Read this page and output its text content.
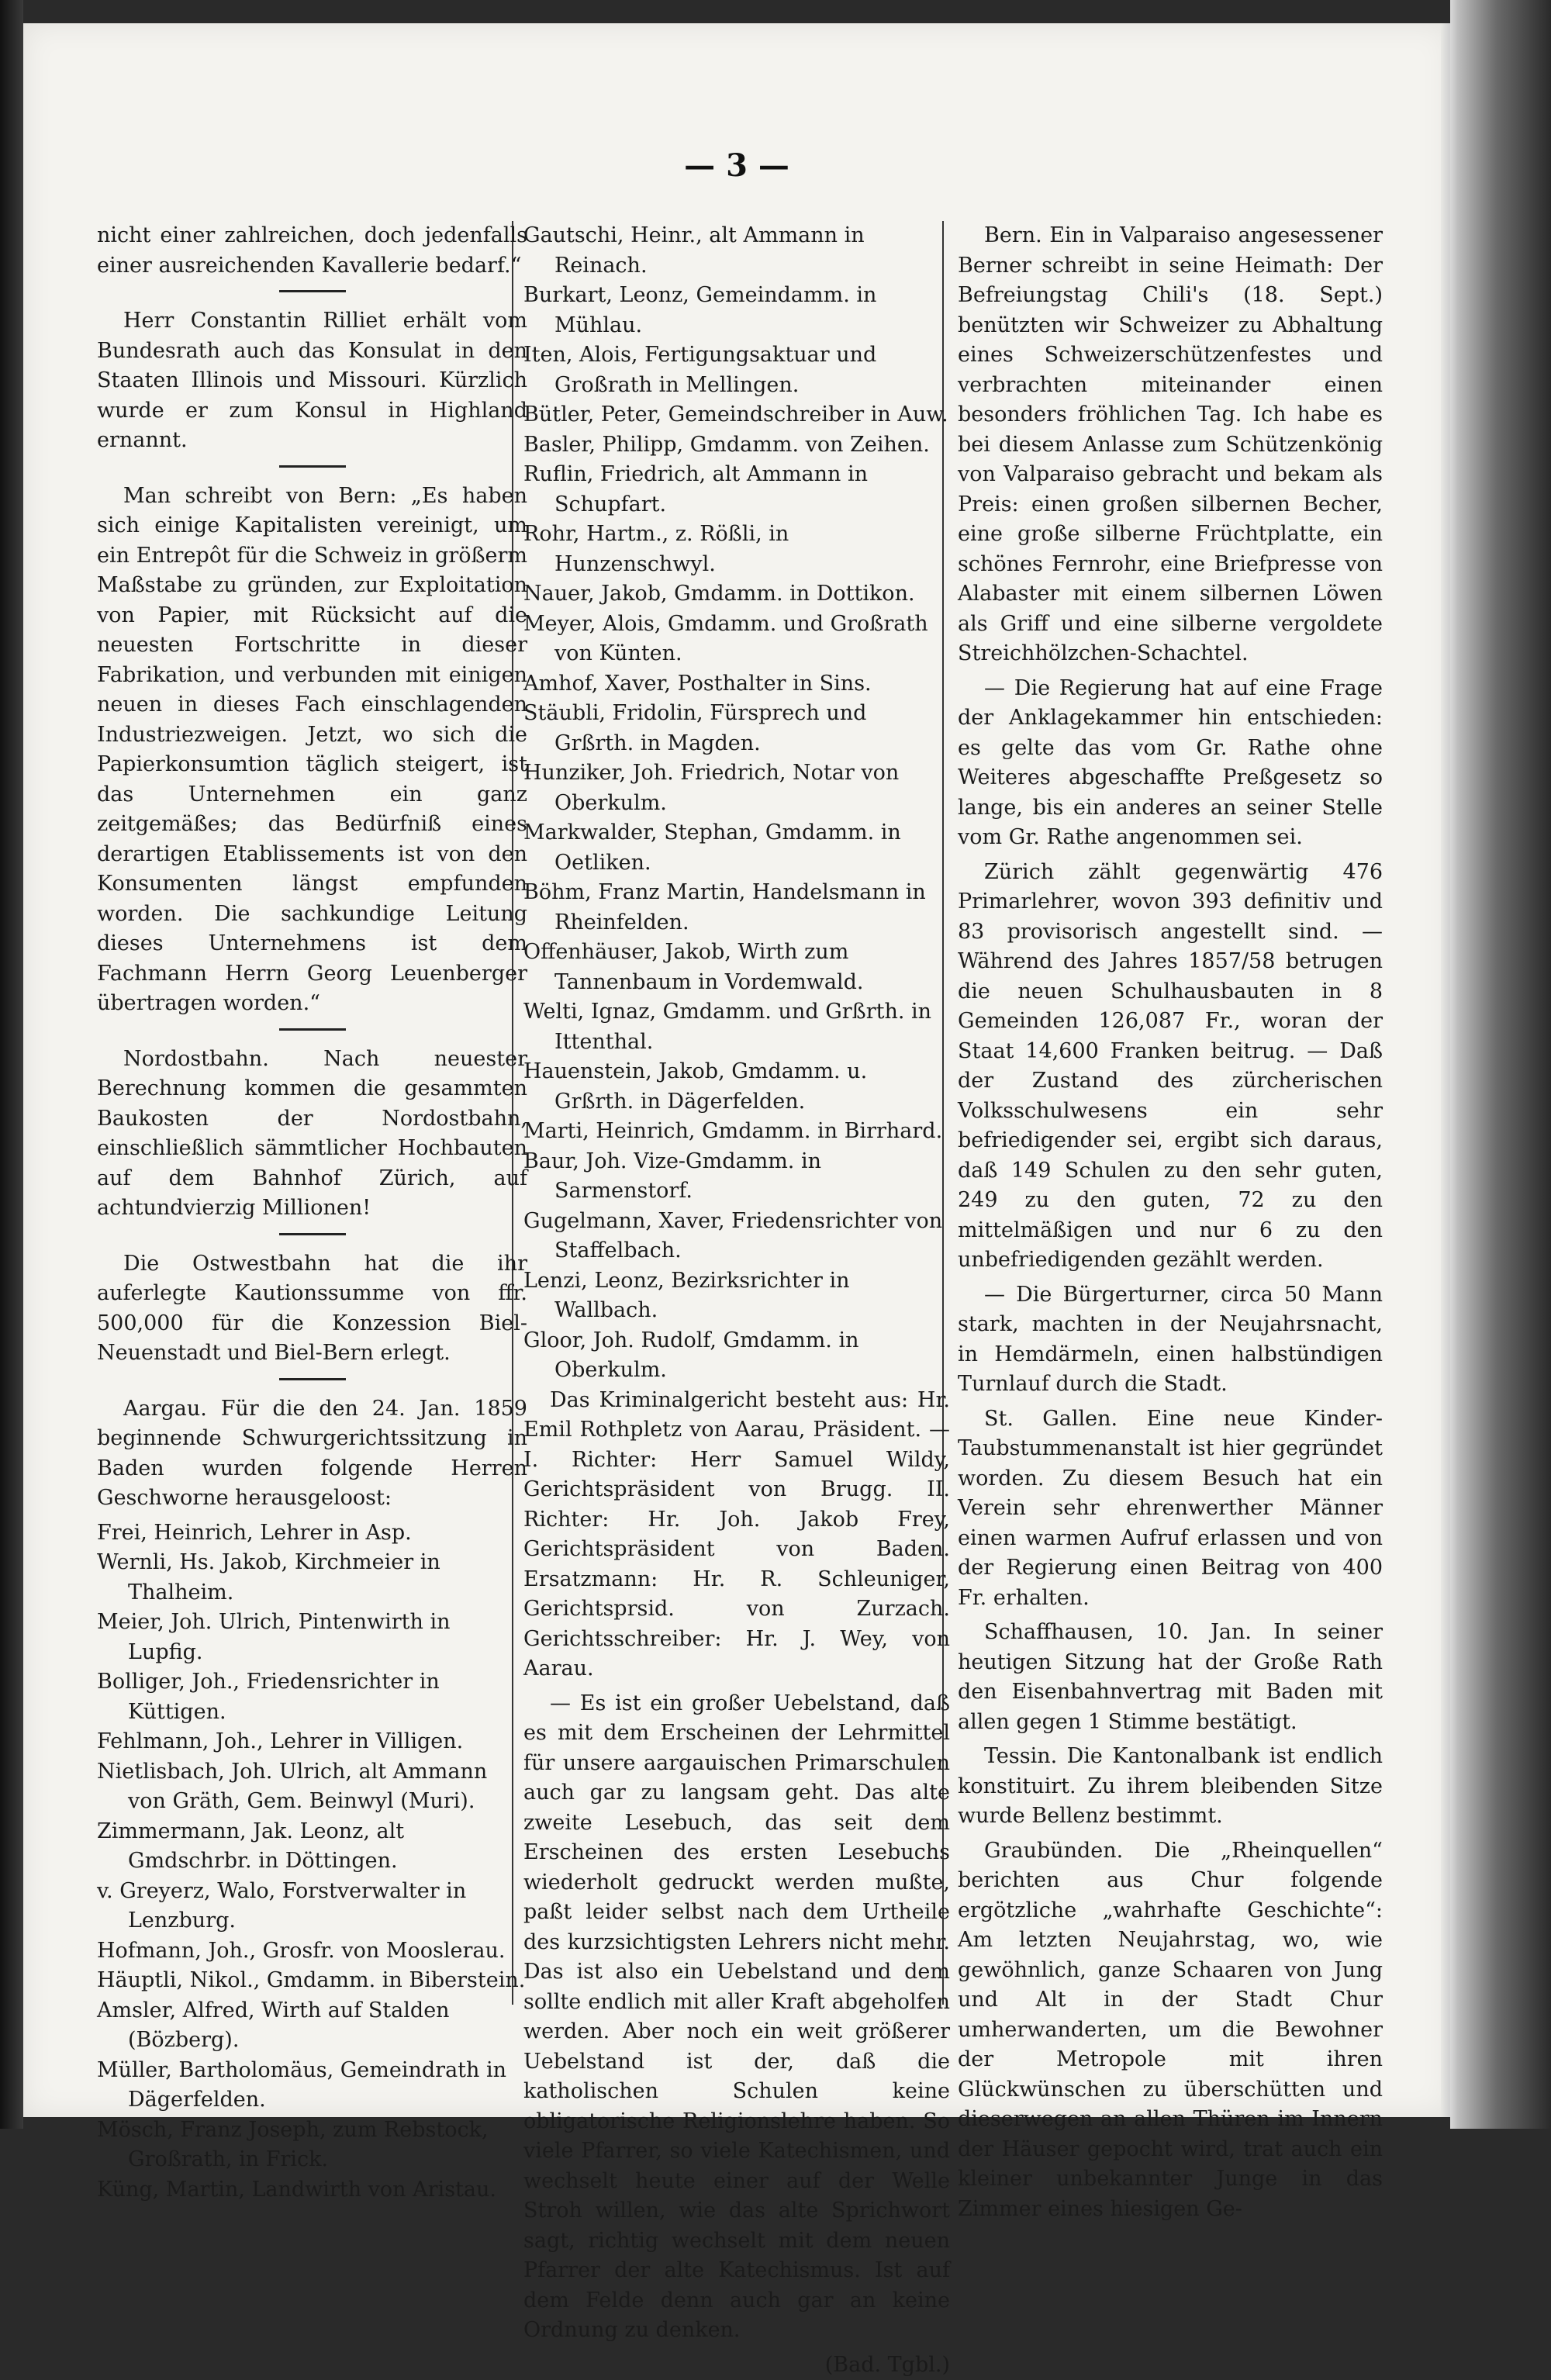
— 3 —

nicht einer zahlreichen, doch jedenfalls einer ausreichenden Kavallerie bedarf.“

Herr Constantin Rilliet erhält vom Bundesrath auch das Konsulat in den Staaten Illinois und Missouri. Kürzlich wurde er zum Konsul in Highland ernannt.

Man schreibt von Bern: „Es haben sich einige Kapitalisten vereinigt, um ein Entrepôt für die Schweiz in größerm Maßstabe zu gründen, zur Exploitation von Papier, mit Rücksicht auf die neuesten Fortschritte in dieser Fabrikation, und verbunden mit einigen neuen in dieses Fach einschlagenden Industriezweigen. Jetzt, wo sich die Papierkonsumtion täglich steigert, ist das Unternehmen ein ganz zeitgemäßes; das Bedürfniß eines derartigen Etablissements ist von den Konsumenten längst empfunden worden. Die sachkundige Leitung dieses Unternehmens ist dem Fachmann Herrn Georg Leuenberger übertragen worden.“

Nordostbahn. Nach neuester Berechnung kommen die gesammten Baukosten der Nordostbahn, einschließlich sämmtlicher Hochbauten auf dem Bahnhof Zürich, auf achtundvierzig Millionen!

Die Ostwestbahn hat die ihr auferlegte Kautionssumme von ffr. 500,000 für die Konzession Biel-Neuenstadt und Biel-Bern erlegt.

Aargau. Für die den 24. Jan. 1859 beginnende Schwurgerichtssitzung in Baden wurden folgende Herren Geschworne herausgeloost:

Frei, Heinrich, Lehrer in Asp.

Wernli, Hs. Jakob, Kirchmeier in Thalheim.

Meier, Joh. Ulrich, Pintenwirth in Lupfig.

Bolliger, Joh., Friedensrichter in Küttigen.

Fehlmann, Joh., Lehrer in Villigen.

Nietlisbach, Joh. Ulrich, alt Ammann von Gräth, Gem. Beinwyl (Muri).

Zimmermann, Jak. Leonz, alt Gmdschrbr. in Döttingen.

v. Greyerz, Walo, Forstverwalter in Lenzburg.

Hofmann, Joh., Grosfr. von Mooslerau.

Häuptli, Nikol., Gmdamm. in Biberstein.

Amsler, Alfred, Wirth auf Stalden (Bözberg).

Müller, Bartholomäus, Gemeindrath in Dägerfelden.

Mösch, Franz Joseph, zum Rebstock, Großrath, in Frick.

Küng, Martin, Landwirth von Aristau.

Gautschi, Heinr., alt Ammann in Reinach.

Burkart, Leonz, Gemeindamm. in Mühlau.

Iten, Alois, Fertigungsaktuar und Großrath in Mellingen.

Bütler, Peter, Gemeindschreiber in Auw.

Basler, Philipp, Gmdamm. von Zeihen.

Ruflin, Friedrich, alt Ammann in Schupfart.

Rohr, Hartm., z. Rößli, in Hunzenschwyl.

Nauer, Jakob, Gmdamm. in Dottikon.

Meyer, Alois, Gmdamm. und Großrath von Künten.

Amhof, Xaver, Posthalter in Sins.

Stäubli, Fridolin, Fürsprech und Grßrth. in Magden.

Hunziker, Joh. Friedrich, Notar von Oberkulm.

Markwalder, Stephan, Gmdamm. in Oetliken.

Böhm, Franz Martin, Handelsmann in Rheinfelden.

Offenhäuser, Jakob, Wirth zum Tannenbaum in Vordemwald.

Welti, Ignaz, Gmdamm. und Grßrth. in Ittenthal.

Hauenstein, Jakob, Gmdamm. u. Grßrth. in Dägerfelden.

Marti, Heinrich, Gmdamm. in Birrhard.

Baur, Joh. Vize-Gmdamm. in Sarmenstorf.

Gugelmann, Xaver, Friedensrichter von Staffelbach.

Lenzi, Leonz, Bezirksrichter in Wallbach.

Gloor, Joh. Rudolf, Gmdamm. in Oberkulm.

Das Kriminalgericht besteht aus: Hr. Emil Rothpletz von Aarau, Präsident. — I. Richter: Herr Samuel Wildy, Gerichtspräsident von Brugg. II. Richter: Hr. Joh. Jakob Frey, Gerichtspräsident von Baden. Ersatzmann: Hr. R. Schleuniger, Gerichtsprsid. von Zurzach. Gerichtsschreiber: Hr. J. Wey, von Aarau.

— Es ist ein großer Uebelstand, daß es mit dem Erscheinen der Lehrmittel für unsere aargauischen Primarschulen auch gar zu langsam geht. Das alte zweite Lesebuch, das seit dem Erscheinen des ersten Lesebuchs wiederholt gedruckt werden mußte, paßt leider selbst nach dem Urtheile des kurzsichtigsten Lehrers nicht mehr. Das ist also ein Uebelstand und dem sollte endlich mit aller Kraft abgeholfen werden. Aber noch ein weit größerer Uebelstand ist der, daß die katholischen Schulen keine obligatorische Religionslehre haben. So viele Pfarrer, so viele Katechismen, und wechselt heute einer auf der Welle Stroh willen, wie das alte Sprichwort sagt, richtig wechselt mit dem neuen Pfarrer der alte Katechismus. Ist auf dem Felde denn auch gar an keine Ordnung zu denken.

(Bad. Tgbl.)

Bern. Ein in Valparaiso angesessener Berner schreibt in seine Heimath: Der Befreiungstag Chili's (18. Sept.) benützten wir Schweizer zu Abhaltung eines Schweizerschützenfestes und verbrachten miteinander einen besonders fröhlichen Tag. Ich habe es bei diesem Anlasse zum Schützenkönig von Valparaiso gebracht und bekam als Preis: einen großen silbernen Becher, eine große silberne Früchtplatte, ein schönes Fernrohr, eine Briefpresse von Alabaster mit einem silbernen Löwen als Griff und eine silberne vergoldete Streichhölzchen-Schachtel.

— Die Regierung hat auf eine Frage der Anklagekammer hin entschieden: es gelte das vom Gr. Rathe ohne Weiteres abgeschaffte Preßgesetz so lange, bis ein anderes an seiner Stelle vom Gr. Rathe angenommen sei.

Zürich zählt gegenwärtig 476 Primarlehrer, wovon 393 definitiv und 83 provisorisch angestellt sind. — Während des Jahres 1857/58 betrugen die neuen Schulhausbauten in 8 Gemeinden 126,087 Fr., woran der Staat 14,600 Franken beitrug. — Daß der Zustand des zürcherischen Volksschulwesens ein sehr befriedigender sei, ergibt sich daraus, daß 149 Schulen zu den sehr guten, 249 zu den guten, 72 zu den mittelmäßigen und nur 6 zu den unbefriedigenden gezählt werden.

— Die Bürgerturner, circa 50 Mann stark, machten in der Neujahrsnacht, in Hemdärmeln, einen halbstündigen Turnlauf durch die Stadt.

St. Gallen. Eine neue Kinder-Taubstummenanstalt ist hier gegründet worden. Zu diesem Besuch hat ein Verein sehr ehrenwerther Männer einen warmen Aufruf erlassen und von der Regierung einen Beitrag von 400 Fr. erhalten.

Schaffhausen, 10. Jan. In seiner heutigen Sitzung hat der Große Rath den Eisenbahnvertrag mit Baden mit allen gegen 1 Stimme bestätigt.

Tessin. Die Kantonalbank ist endlich konstituirt. Zu ihrem bleibenden Sitze wurde Bellenz bestimmt.

Graubünden. Die „Rheinquellen“ berichten aus Chur folgende ergötzliche „wahrhafte Geschichte“: Am letzten Neujahrstag, wo, wie gewöhnlich, ganze Schaaren von Jung und Alt in der Stadt Chur umherwanderten, um die Bewohner der Metropole mit ihren Glückwünschen zu überschütten und dieserwegen an allen Thüren im Innern der Häuser gepocht wird, trat auch ein kleiner unbekannter Junge in das Zimmer eines hiesigen Ge-
